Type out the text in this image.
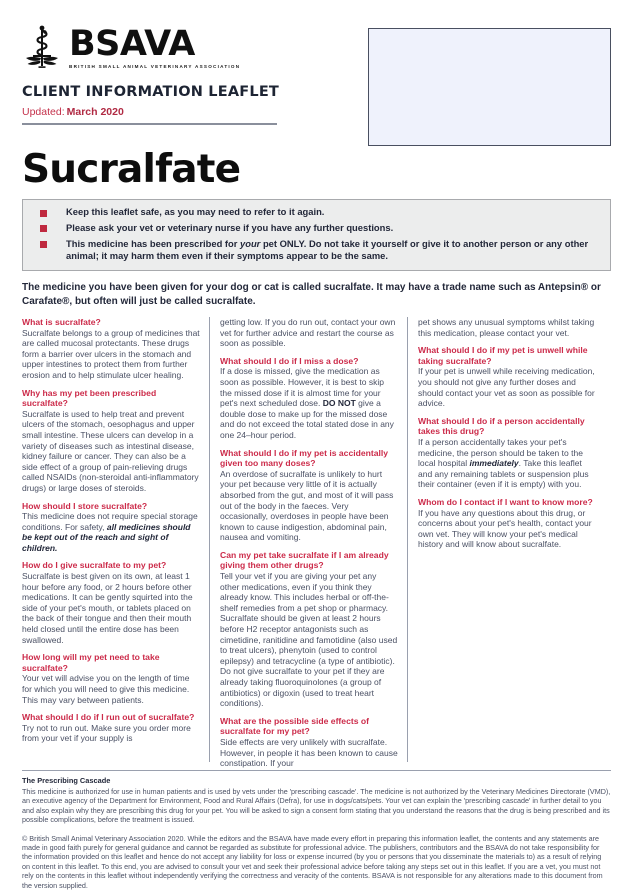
BSAVA
BRITISH SMALL ANIMAL VETERINARY ASSOCIATION
CLIENT INFORMATION LEAFLET
Updated: March 2020
Sucralfate
Keep this leaflet safe, as you may need to refer to it again.
Please ask your vet or veterinary nurse if you have any further questions.
This medicine has been prescribed for your pet ONLY. Do not take it yourself or give it to another person or any other animal; it may harm them even if their symptoms appear to be the same.
The medicine you have been given for your dog or cat is called sucralfate. It may have a trade name such as Antepsin® or Carafate®, but often will just be called sucralfate.
What is sucralfate?
Sucralfate belongs to a group of medicines that are called mucosal protectants. These drugs form a barrier over ulcers in the stomach and upper intestines to protect them from further erosion and to help stimulate ulcer healing.
Why has my pet been prescribed sucralfate?
Sucralfate is used to help treat and prevent ulcers of the stomach, oesophagus and upper small intestine. These ulcers can develop in a variety of diseases such as intestinal disease, kidney failure or cancer. They can also be a side effect of a group of pain-relieving drugs called NSAIDs (non-steroidal anti-inflammatory drugs) or large doses of steroids.
How should I store sucralfate?
This medicine does not require special storage conditions. For safety, all medicines should be kept out of the reach and sight of children.
How do I give sucralfate to my pet?
Sucralfate is best given on its own, at least 1 hour before any food, or 2 hours before other medications. It can be gently squirted into the side of your pet's mouth, or tablets placed on the back of their tongue and then their mouth held closed until the entire dose has been swallowed.
How long will my pet need to take sucralfate?
Your vet will advise you on the length of time for which you will need to give this medicine. This may vary between patients.
What should I do if I run out of sucralfate?
Try not to run out. Make sure you order more from your vet if your supply is
getting low. If you do run out, contact your own vet for further advice and restart the course as soon as possible.
What should I do if I miss a dose?
If a dose is missed, give the medication as soon as possible. However, it is best to skip the missed dose if it is almost time for your pet's next scheduled dose. DO NOT give a double dose to make up for the missed dose and do not exceed the total stated dose in any one 24–hour period.
What should I do if my pet is accidentally given too many doses?
An overdose of sucralfate is unlikely to hurt your pet because very little of it is actually absorbed from the gut, and most of it will pass out of the body in the faeces. Very occasionally, overdoses in people have been known to cause indigestion, abdominal pain, nausea and vomiting.
Can my pet take sucralfate if I am already giving them other drugs?
Tell your vet if you are giving your pet any other medications, even if you think they already know. This includes herbal or off-the-shelf remedies from a pet shop or pharmacy. Sucralfate should be given at least 2 hours before H2 receptor antagonists such as cimetidine, ranitidine and famotidine (also used to treat ulcers), phenytoin (used to control epilepsy) and tetracycline (a type of antibiotic). Do not give sucralfate to your pet if they are already taking fluoroquinolones (a group of antibiotics) or digoxin (used to treat heart conditions).
What are the possible side effects of sucralfate for my pet?
Side effects are very unlikely with sucralfate. However, in people it has been known to cause constipation. If your
pet shows any unusual symptoms whilst taking this medication, please contact your vet.
What should I do if my pet is unwell while taking sucralfate?
If your pet is unwell while receiving medication, you should not give any further doses and should contact your vet as soon as possible for advice.
What should I do if a person accidentally takes this drug?
If a person accidentally takes your pet's medicine, the person should be taken to the local hospital immediately. Take this leaflet and any remaining tablets or suspension plus their container (even if it is empty) with you.
Whom do I contact if I want to know more?
If you have any questions about this drug, or concerns about your pet's health, contact your own vet. They will know your pet's medical history and will know about sucralfate.
The Prescribing Cascade
This medicine is authorized for use in human patients and is used by vets under the 'prescribing cascade'. The medicine is not authorized by the Veterinary Medicines Directorate (VMD), an executive agency of the Department for Environment, Food and Rural Affairs (Defra), for use in dogs/cats/pets. Your vet can explain the 'prescribing cascade' in further detail to you and also explain why they are prescribing this drug for your pet. You will be asked to sign a consent form stating that you understand the reasons that the drug is being prescribed and its possible complications, before the treatment is issued.
© British Small Animal Veterinary Association 2020. While the editors and the BSAVA have made every effort in preparing this information leaflet, the contents and any statements are made in good faith purely for general guidance and cannot be regarded as substitute for professional advice. The publishers, contributors and the BSAVA do not take responsibility for the information provided on this leaflet and hence do not accept any liability for loss or expense incurred (by you or persons that you disseminate the materials to) as a result of relying on content in this leaflet. To this end, you are advised to consult your vet and seek their professional advice before taking any steps set out in this leaflet. If you are a vet, you must not rely on the contents in this leaflet without independently verifying the correctness and veracity of the contents. BSAVA is not responsible for any alterations made to this document from the version supplied.
